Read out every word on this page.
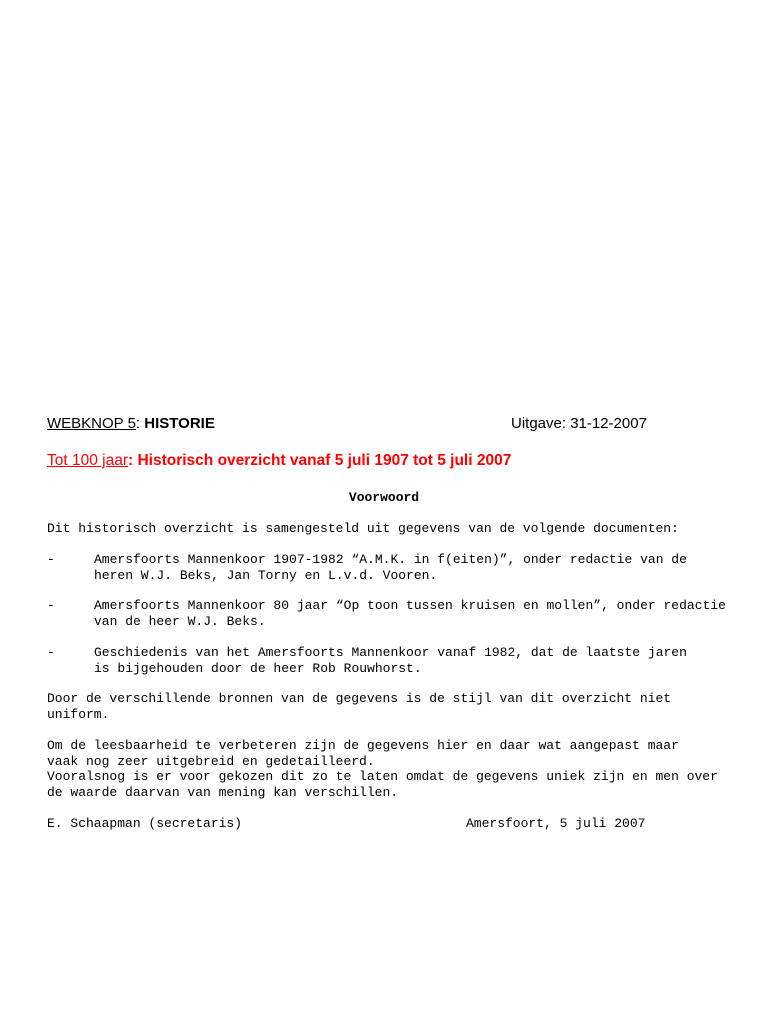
WEBKNOP 5: HISTORIE	Uitgave: 31-12-2007
Tot 100 jaar: Historisch overzicht vanaf 5 juli 1907 tot 5 juli 2007
Voorwoord
Dit historisch overzicht is samengesteld uit gegevens van de volgende documenten:
-	Amersfoorts Mannenkoor 1907-1982 “A.M.K. in f(eiten)”, onder redactie van de
heren W.J. Beks, Jan Torny en L.v.d. Vooren.
-	Amersfoorts Mannenkoor 80 jaar “Op toon tussen kruisen en mollen”, onder redactie
van de heer W.J. Beks.
-	Geschiedenis van het Amersfoorts Mannenkoor vanaf 1982, dat de laatste jaren
is bijgehouden door de heer Rob Rouwhorst.
Door de verschillende bronnen van de gegevens is de stijl van dit overzicht niet
uniform.
Om de leesbaarheid te verbeteren zijn de gegevens hier en daar wat aangepast maar
vaak nog zeer uitgebreid en gedetailleerd.
Vooralsnog is er voor gekozen dit zo te laten omdat de gegevens uniek zijn en men over
de waarde daarvan van mening kan verschillen.
E. Schaapman (secretaris)	Amersfoort, 5 juli 2007
